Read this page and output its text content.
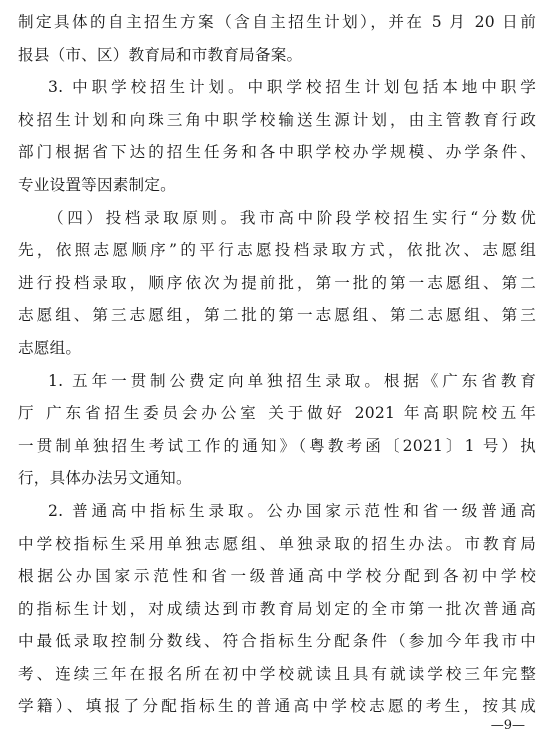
制定具体的自主招生方案（含自主招生计划），并在 5 月 20 日前
报县（市、区）教育局和市教育局备案。
3. 中职学校招生计划。中职学校招生计划包括本地中职学
校招生计划和向珠三角中职学校输送生源计划，由主管教育行政
部门根据省下达的招生任务和各中职学校办学规模、办学条件、
专业设置等因素制定。
（四）投档录取原则。我市高中阶段学校招生实行“分数优
先，依照志愿顺序”的平行志愿投档录取方式，依批次、志愿组
进行投档录取，顺序依次为提前批，第一批的第一志愿组、第二
志愿组、第三志愿组，第二批的第一志愿组、第二志愿组、第三
志愿组。
1. 五年一贯制公费定向单独招生录取。根据《广东省教育
厅 广东省招生委员会办公室 关于做好 2021 年高职院校五年
一贯制单独招生考试工作的通知》（粤教考函〔2021〕1 号）执
行，具体办法另文通知。
2. 普通高中指标生录取。公办国家示范性和省一级普通高
中学校指标生采用单独志愿组、单独录取的招生办法。市教育局
根据公办国家示范性和省一级普通高中学校分配到各初中学校
的指标生计划，对成绩达到市教育局划定的全市第一批次普通高
中最低录取控制分数线、符合指标生分配条件（参加今年我市中
考、连续三年在报名所在初中学校就读且具有就读学校三年完整
学籍）、填报了分配指标生的普通高中学校志愿的考生，按其成
—9—
